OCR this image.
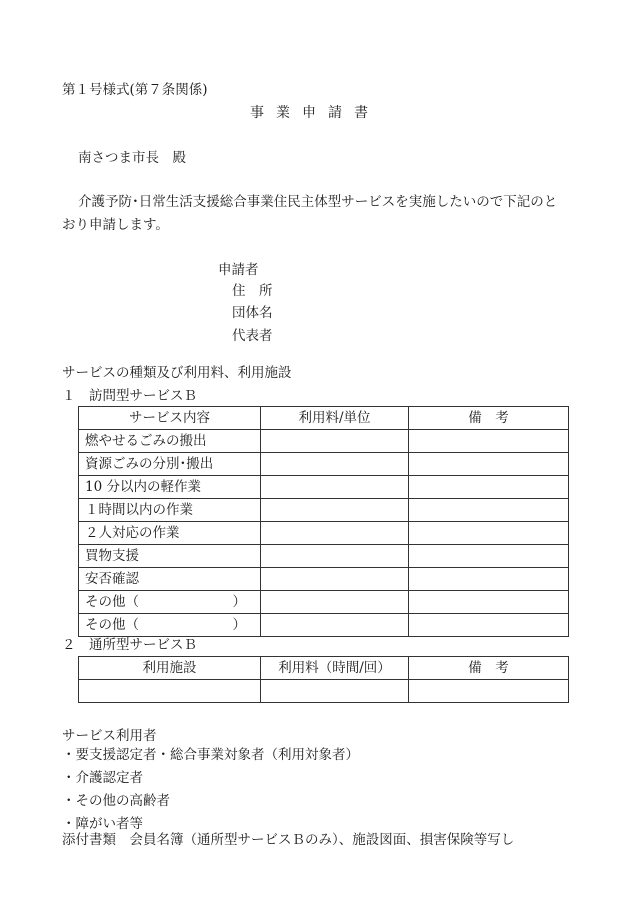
第１号様式(第７条関係)
事業申請書
南さつま市長　殿
介護予防･日常生活支援総合事業住民主体型サービスを実施したいので下記のとおり申請します。
申請者
住　所
団体名
代表者
サービスの種類及び利用料、利用施設
１　訪問型サービスＢ
サービス内容	利用料/単位	備　考
燃やせるごみの搬出		
資源ごみの分別･搬出		
10 分以内の軽作業		
１時間以内の作業		
２人対応の作業		
買物支援		
安否確認		
その他（ ）		

その他（ ）		

２　通所型サービスＢ
利用施設	利用料（時間/回）	備　考

サービス利用者
・要支援認定者・総合事業対象者（利用対象者）
・介護認定者
・その他の高齢者
・障がい者等
添付書類　会員名簿（通所型サービスＢのみ）、施設図面、損害保険等写し
